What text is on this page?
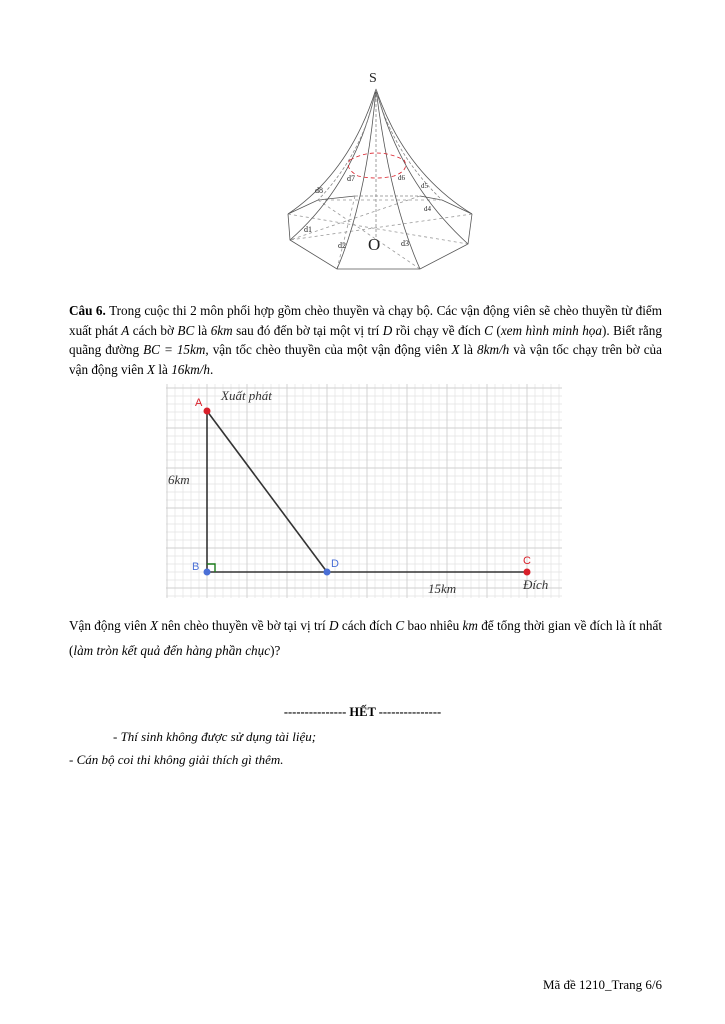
S
O
d1
d2	d3
d4
d5
d6
d7
d8
Câu 6. Trong cuộc thi 2 môn phối hợp gồm chèo thuyền và chạy bộ. Các vận động viên sẽ chèo thuyền từ điểm xuất phát A cách bờ BC là 6km sau đó đến bờ tại một vị trí D rồi chạy về đích C (xem hình minh họa). Biết rằng quãng đường BC = 15km, vận tốc chèo thuyền của một vận động viên X là 8km/h và vận tốc chạy trên bờ của vận động viên X là 16km/h.
A
B	D	C
Xuất phát
6km
15km	Đích
Vận động viên X nên chèo thuyền về bờ tại vị trí D cách đích C bao nhiêu km để tổng thời gian về đích là ít nhất (làm tròn kết quả đến hàng phần chục)?
--------------- HẾT ---------------
- Thí sinh không được sử dụng tài liệu;
- Cán bộ coi thi không giải thích gì thêm.
Mã đề 1210_Trang 6/6
